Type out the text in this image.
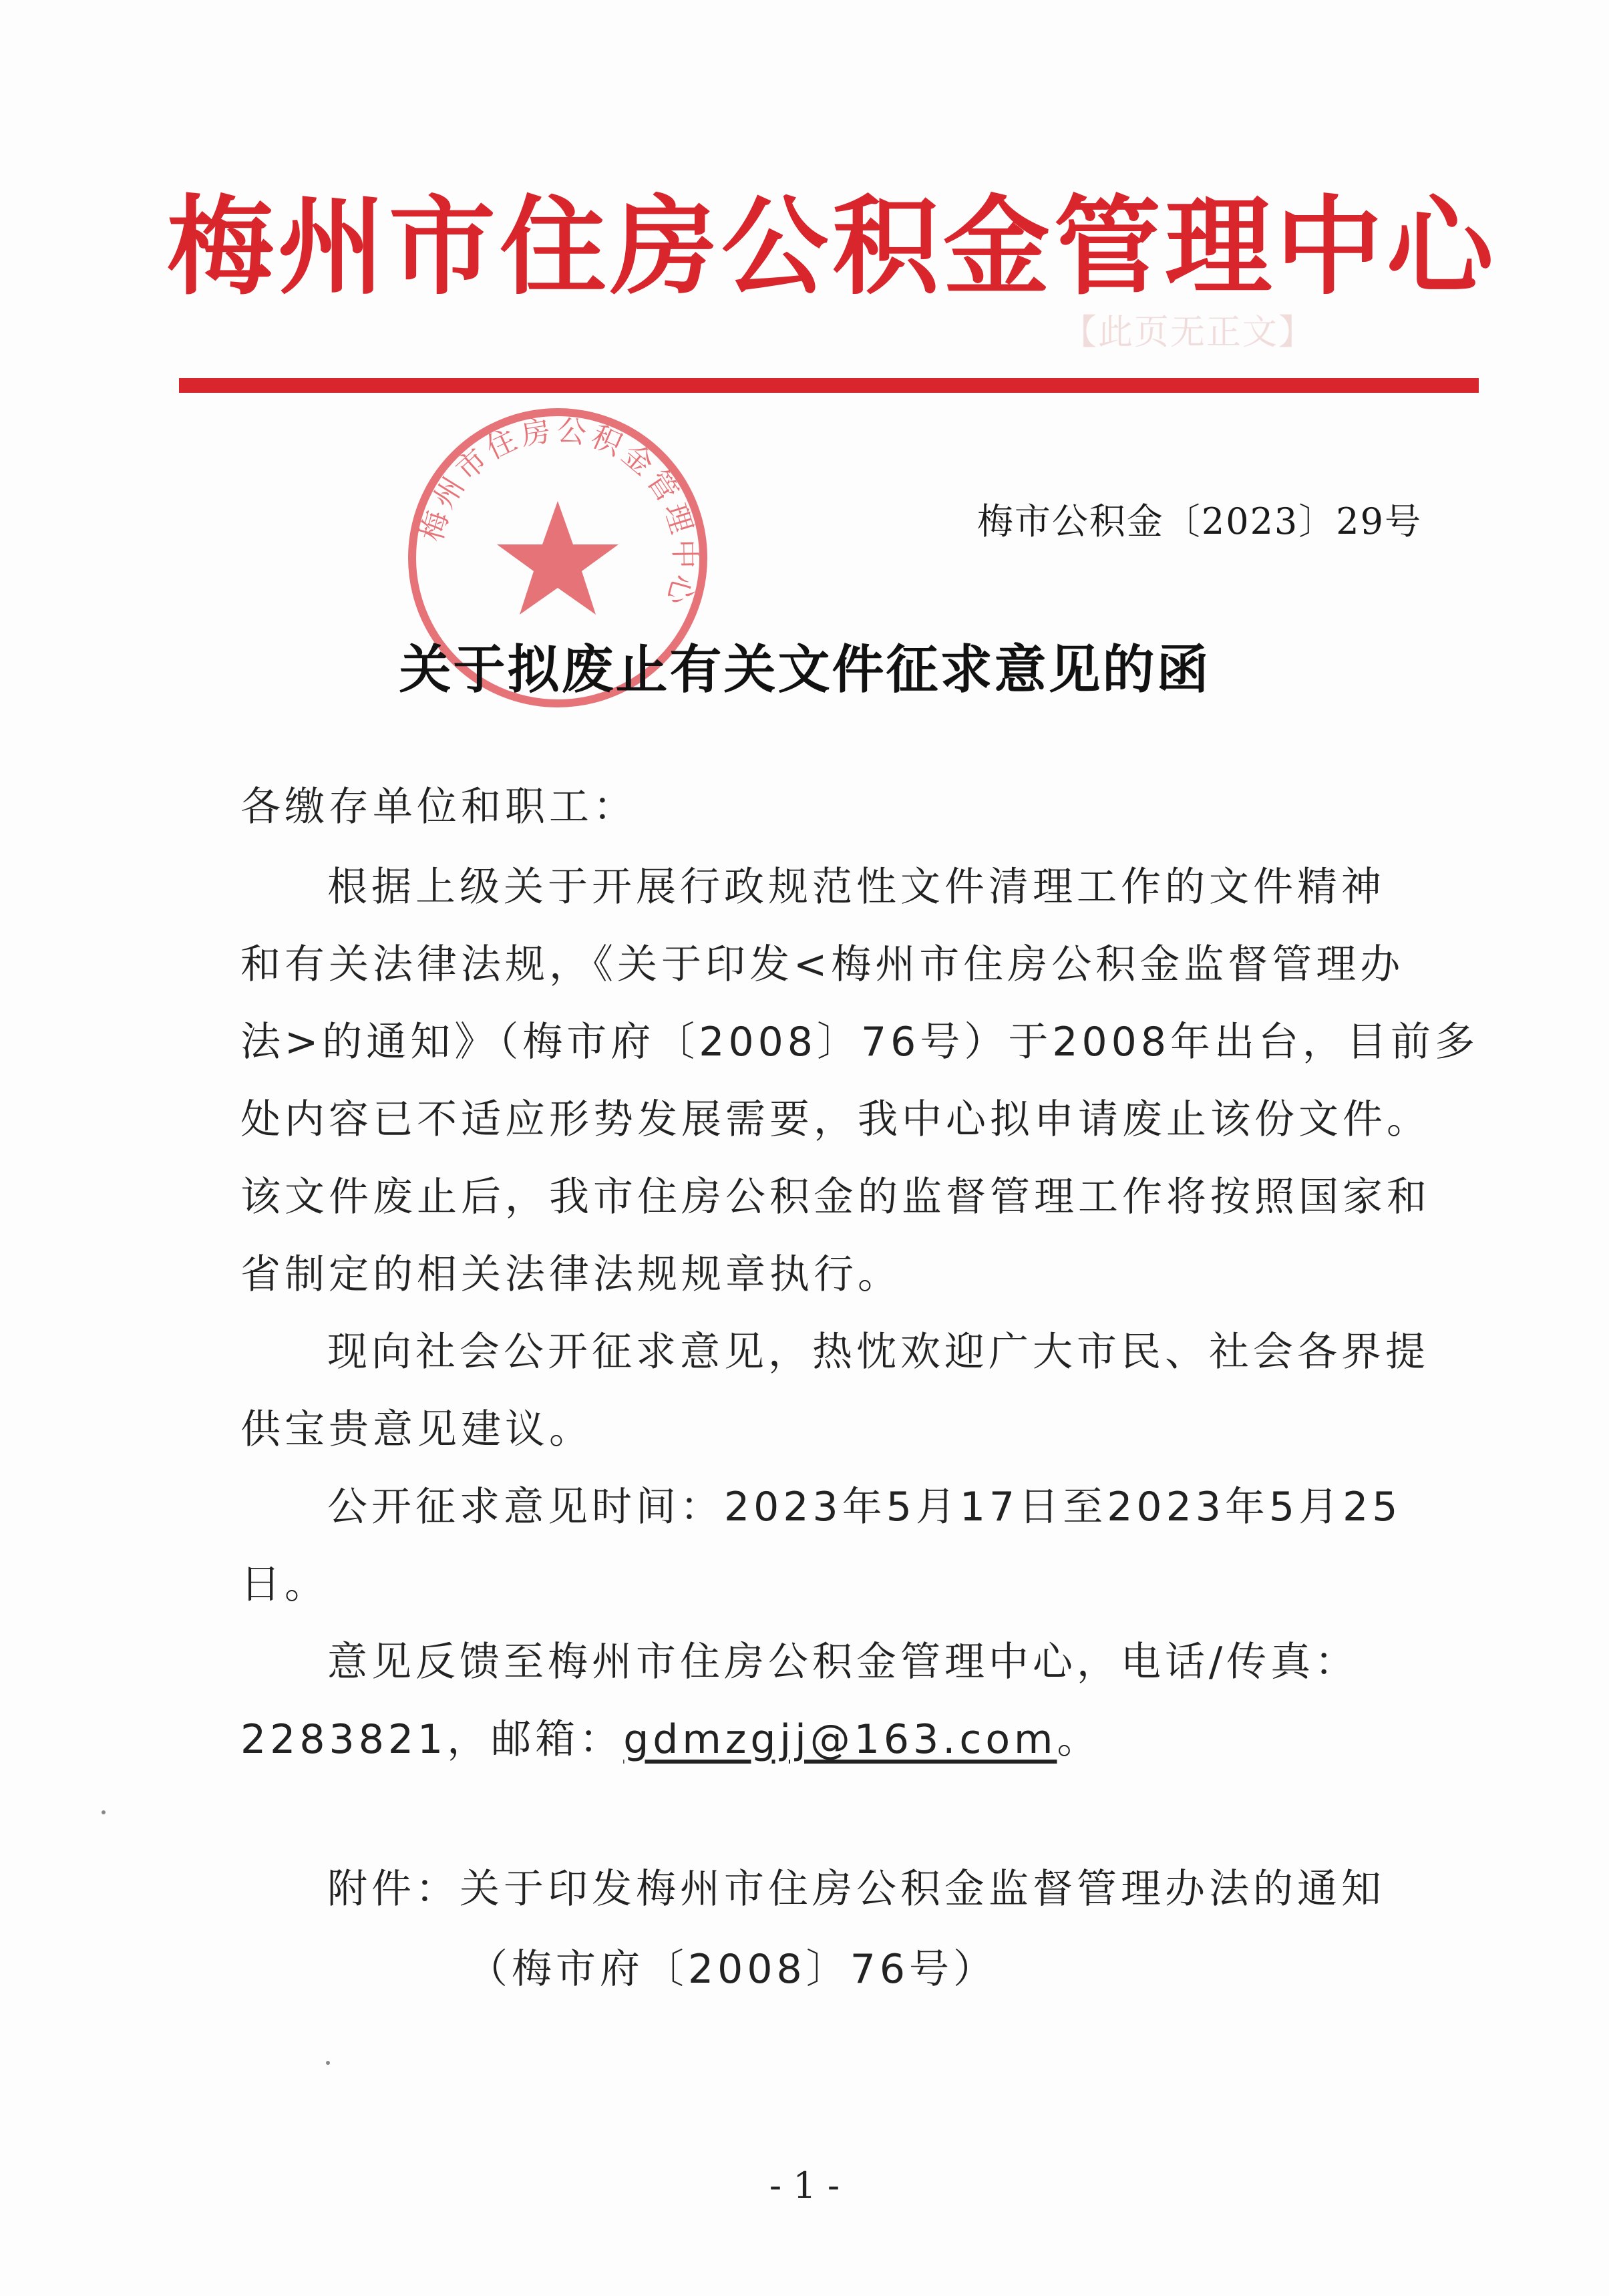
梅州市住房公积金管理中心
【此页无正文】
梅州市住房公积金管理中心
梅市公积金〔2023〕29号
关于拟废止有关文件征求意见的函
各缴存单位和职工：
根据上级关于开展行政规范性文件清理工作的文件精神
和有关法律法规，《关于印发<梅州市住房公积金监督管理办
法>的通知》（梅市府〔2008〕76号）于2008年出台，目前多
处内容已不适应形势发展需要，我中心拟申请废止该份文件。
该文件废止后，我市住房公积金的监督管理工作将按照国家和
省制定的相关法律法规规章执行。
现向社会公开征求意见，热忱欢迎广大市民、社会各界提
供宝贵意见建议。
公开征求意见时间：2023年5月17日至2023年5月25
日。
意见反馈至梅州市住房公积金管理中心，电话/传真：
2283821，邮箱：gdmzgjj@163.com。
附件：关于印发梅州市住房公积金监督管理办法的通知
（梅市府〔2008〕76号）
- 1 -
